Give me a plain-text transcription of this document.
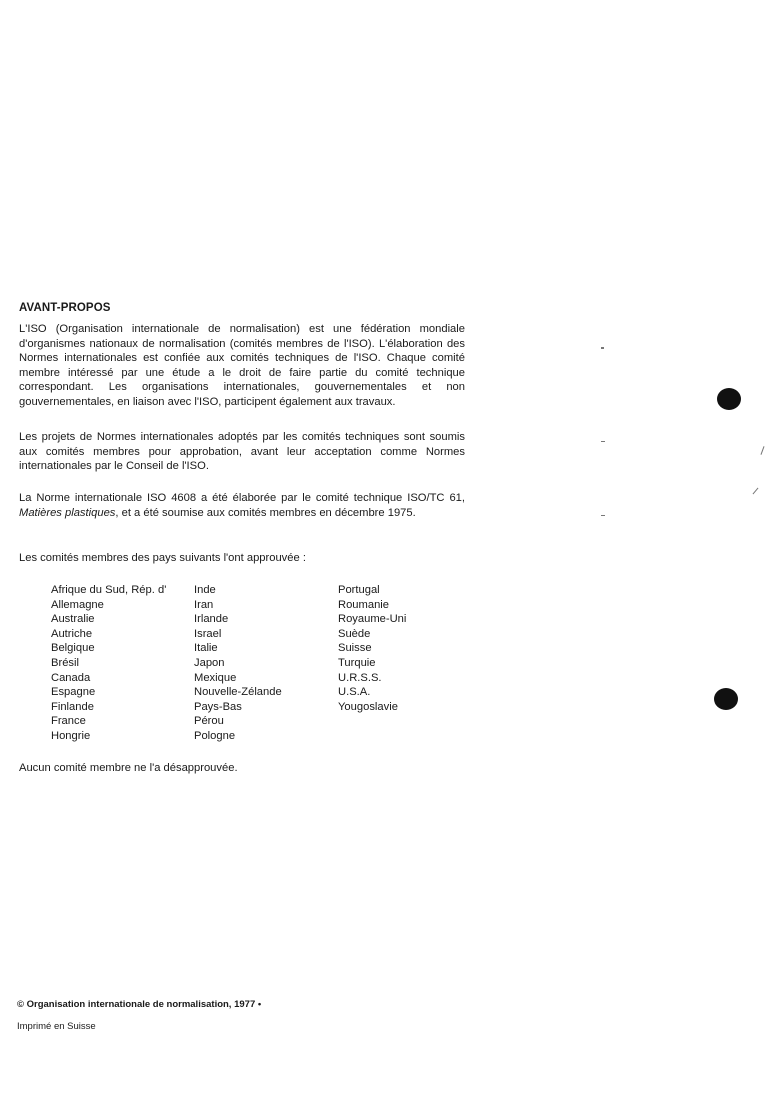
AVANT-PROPOS

L'ISO (Organisation internationale de normalisation) est une fédération mondiale d'organismes nationaux de normalisation (comités membres de l'ISO). L'élaboration des Normes internationales est confiée aux comités techniques de l'ISO. Chaque comité membre intéressé par une étude a le droit de faire partie du comité technique correspondant. Les organisations internationales, gouvernementales et non gouvernementales, en liaison avec l'ISO, participent également aux travaux.

Les projets de Normes internationales adoptés par les comités techniques sont soumis aux comités membres pour approbation, avant leur acceptation comme Normes internationales par le Conseil de l'ISO.

La Norme internationale ISO 4608 a été élaborée par le comité technique ISO/TC 61, Matières plastiques, et a été soumise aux comités membres en décembre 1975.

Les comités membres des pays suivants l'ont approuvée :

Afrique du Sud, Rép. d'
Allemagne
Australie
Autriche
Belgique
Brésil
Canada
Espagne
Finlande
France
Hongrie
Inde
Iran
Irlande
Israel
Italie
Japon
Mexique
Nouvelle-Zélande
Pays-Bas
Pérou
Pologne
Portugal
Roumanie
Royaume-Uni
Suède
Suisse
Turquie
U.R.S.S.
U.S.A.
Yougoslavie

Aucun comité membre ne l'a désapprouvée.

© Organisation internationale de normalisation, 1977 •
Imprimé en Suisse
